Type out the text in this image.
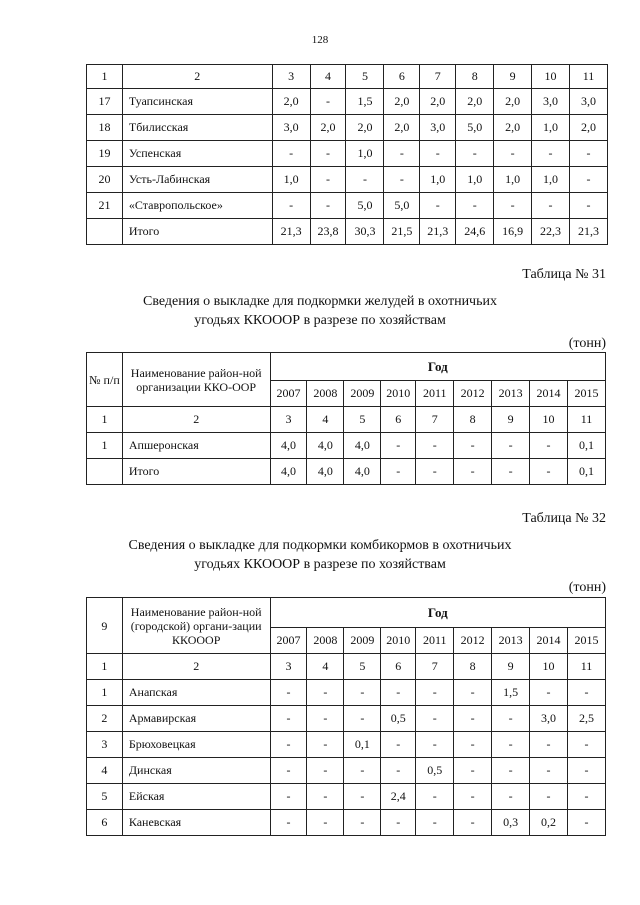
128
1	2	3	4	5	6	7	8	9	10	11
17	Туапсинская	2,0	-	1,5	2,0	2,0	2,0	2,0	3,0	3,0
18	Тбилисская	3,0	2,0	2,0	2,0	3,0	5,0	2,0	1,0	2,0
19	Успенская	-	-	1,0	-	-	-	-	-	-
20	Усть-Лабинская	1,0	-	-	-	1,0	1,0	1,0	1,0	-
21	«Ставропольское»	-	-	5,0	5,0	-	-	-	-	-
	Итого	21,3	23,8	30,3	21,5	21,3	24,6	16,9	22,3	21,3
Таблица № 31
Сведения о выкладке для подкормки желудей в охотничьих
угодьях ККОООР в разрезе по хозяйствам
(тонн)
№ п/п	Наименование район-ной организации ККО-ООР	Год								
		2007	2008	2009	2010	2011	2012	2013	2014	2015
1	2	3	4	5	6	7	8	9	10	11
1	Апшеронская	4,0	4,0	4,0	-	-	-	-	-	0,1
	Итого	4,0	4,0	4,0	-	-	-	-	-	0,1
Таблица № 32
Сведения о выкладке для подкормки комбикормов в охотничьих
угодьях ККОООР в разрезе по хозяйствам
(тонн)
9	Наименование район-ной (городской) органи-зации ККОООР	Год								
		2007	2008	2009	2010	2011	2012	2013	2014	2015
1	2	3	4	5	6	7	8	9	10	11
1	Анапская	-	-	-	-	-	-	1,5	-	-
2	Армавирская	-	-	-	0,5	-	-	-	3,0	2,5
3	Брюховецкая	-	-	0,1	-	-	-	-	-	-
4	Динская	-	-	-	-	0,5	-	-	-	-
5	Ейская	-	-	-	2,4	-	-	-	-	-
6	Каневская	-	-	-	-	-	-	0,3	0,2	-
